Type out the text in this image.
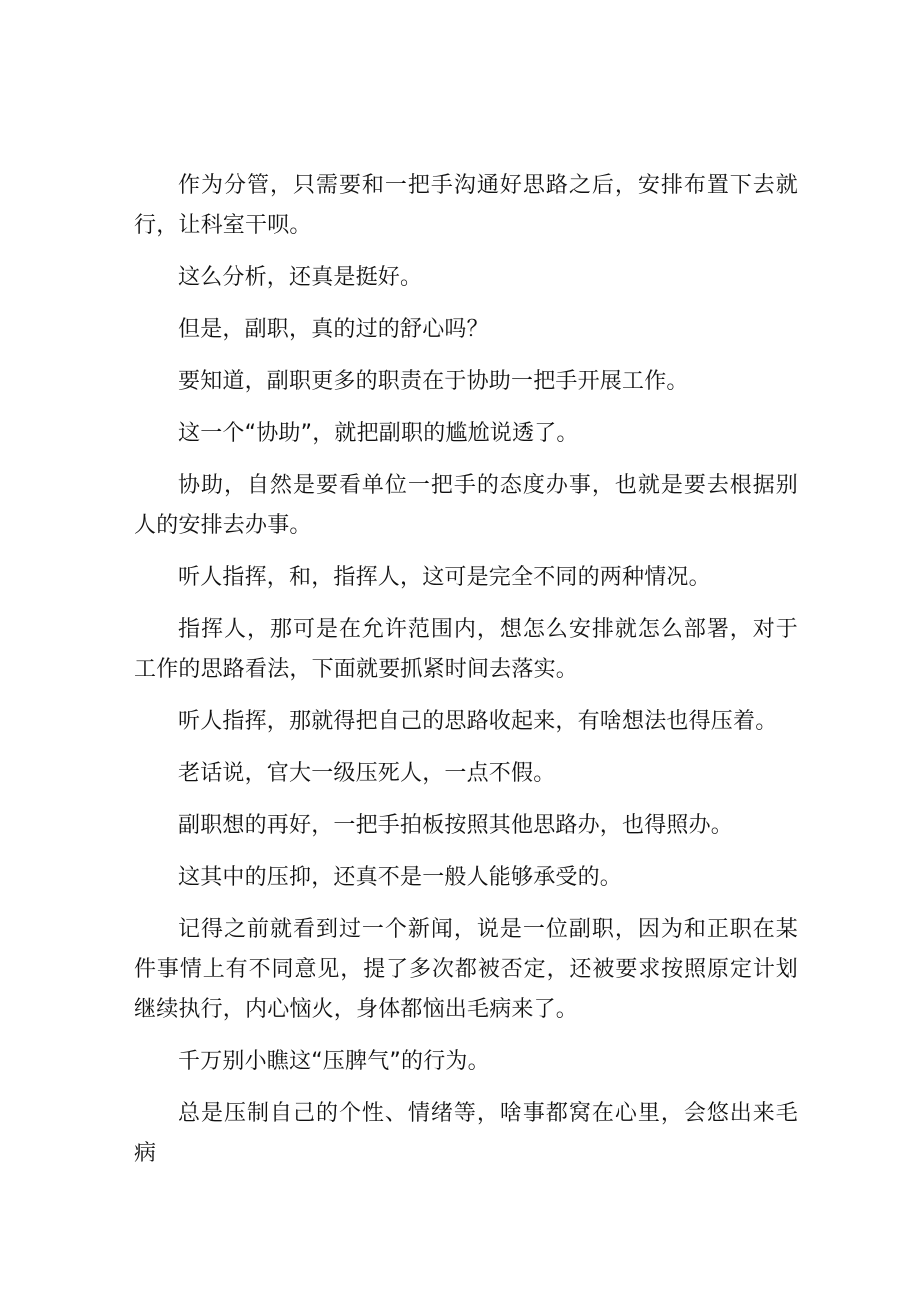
作为分管，只需要和一把手沟通好思路之后，安排布置下去就行，让科室干呗。

这么分析，还真是挺好。

但是，副职，真的过的舒心吗？

要知道，副职更多的职责在于协助一把手开展工作。

这一个“协助”，就把副职的尴尬说透了。

协助，自然是要看单位一把手的态度办事，也就是要去根据别人的安排去办事。

听人指挥，和，指挥人，这可是完全不同的两种情况。

指挥人，那可是在允许范围内，想怎么安排就怎么部署，对于工作的思路看法，下面就要抓紧时间去落实。

听人指挥，那就得把自己的思路收起来，有啥想法也得压着。

老话说，官大一级压死人，一点不假。

副职想的再好，一把手拍板按照其他思路办，也得照办。

这其中的压抑，还真不是一般人能够承受的。

记得之前就看到过一个新闻，说是一位副职，因为和正职在某件事情上有不同意见，提了多次都被否定，还被要求按照原定计划继续执行，内心恼火，身体都恼出毛病来了。

千万别小瞧这“压脾气”的行为。

总是压制自己的个性、情绪等，啥事都窝在心里，会悠出来毛病
